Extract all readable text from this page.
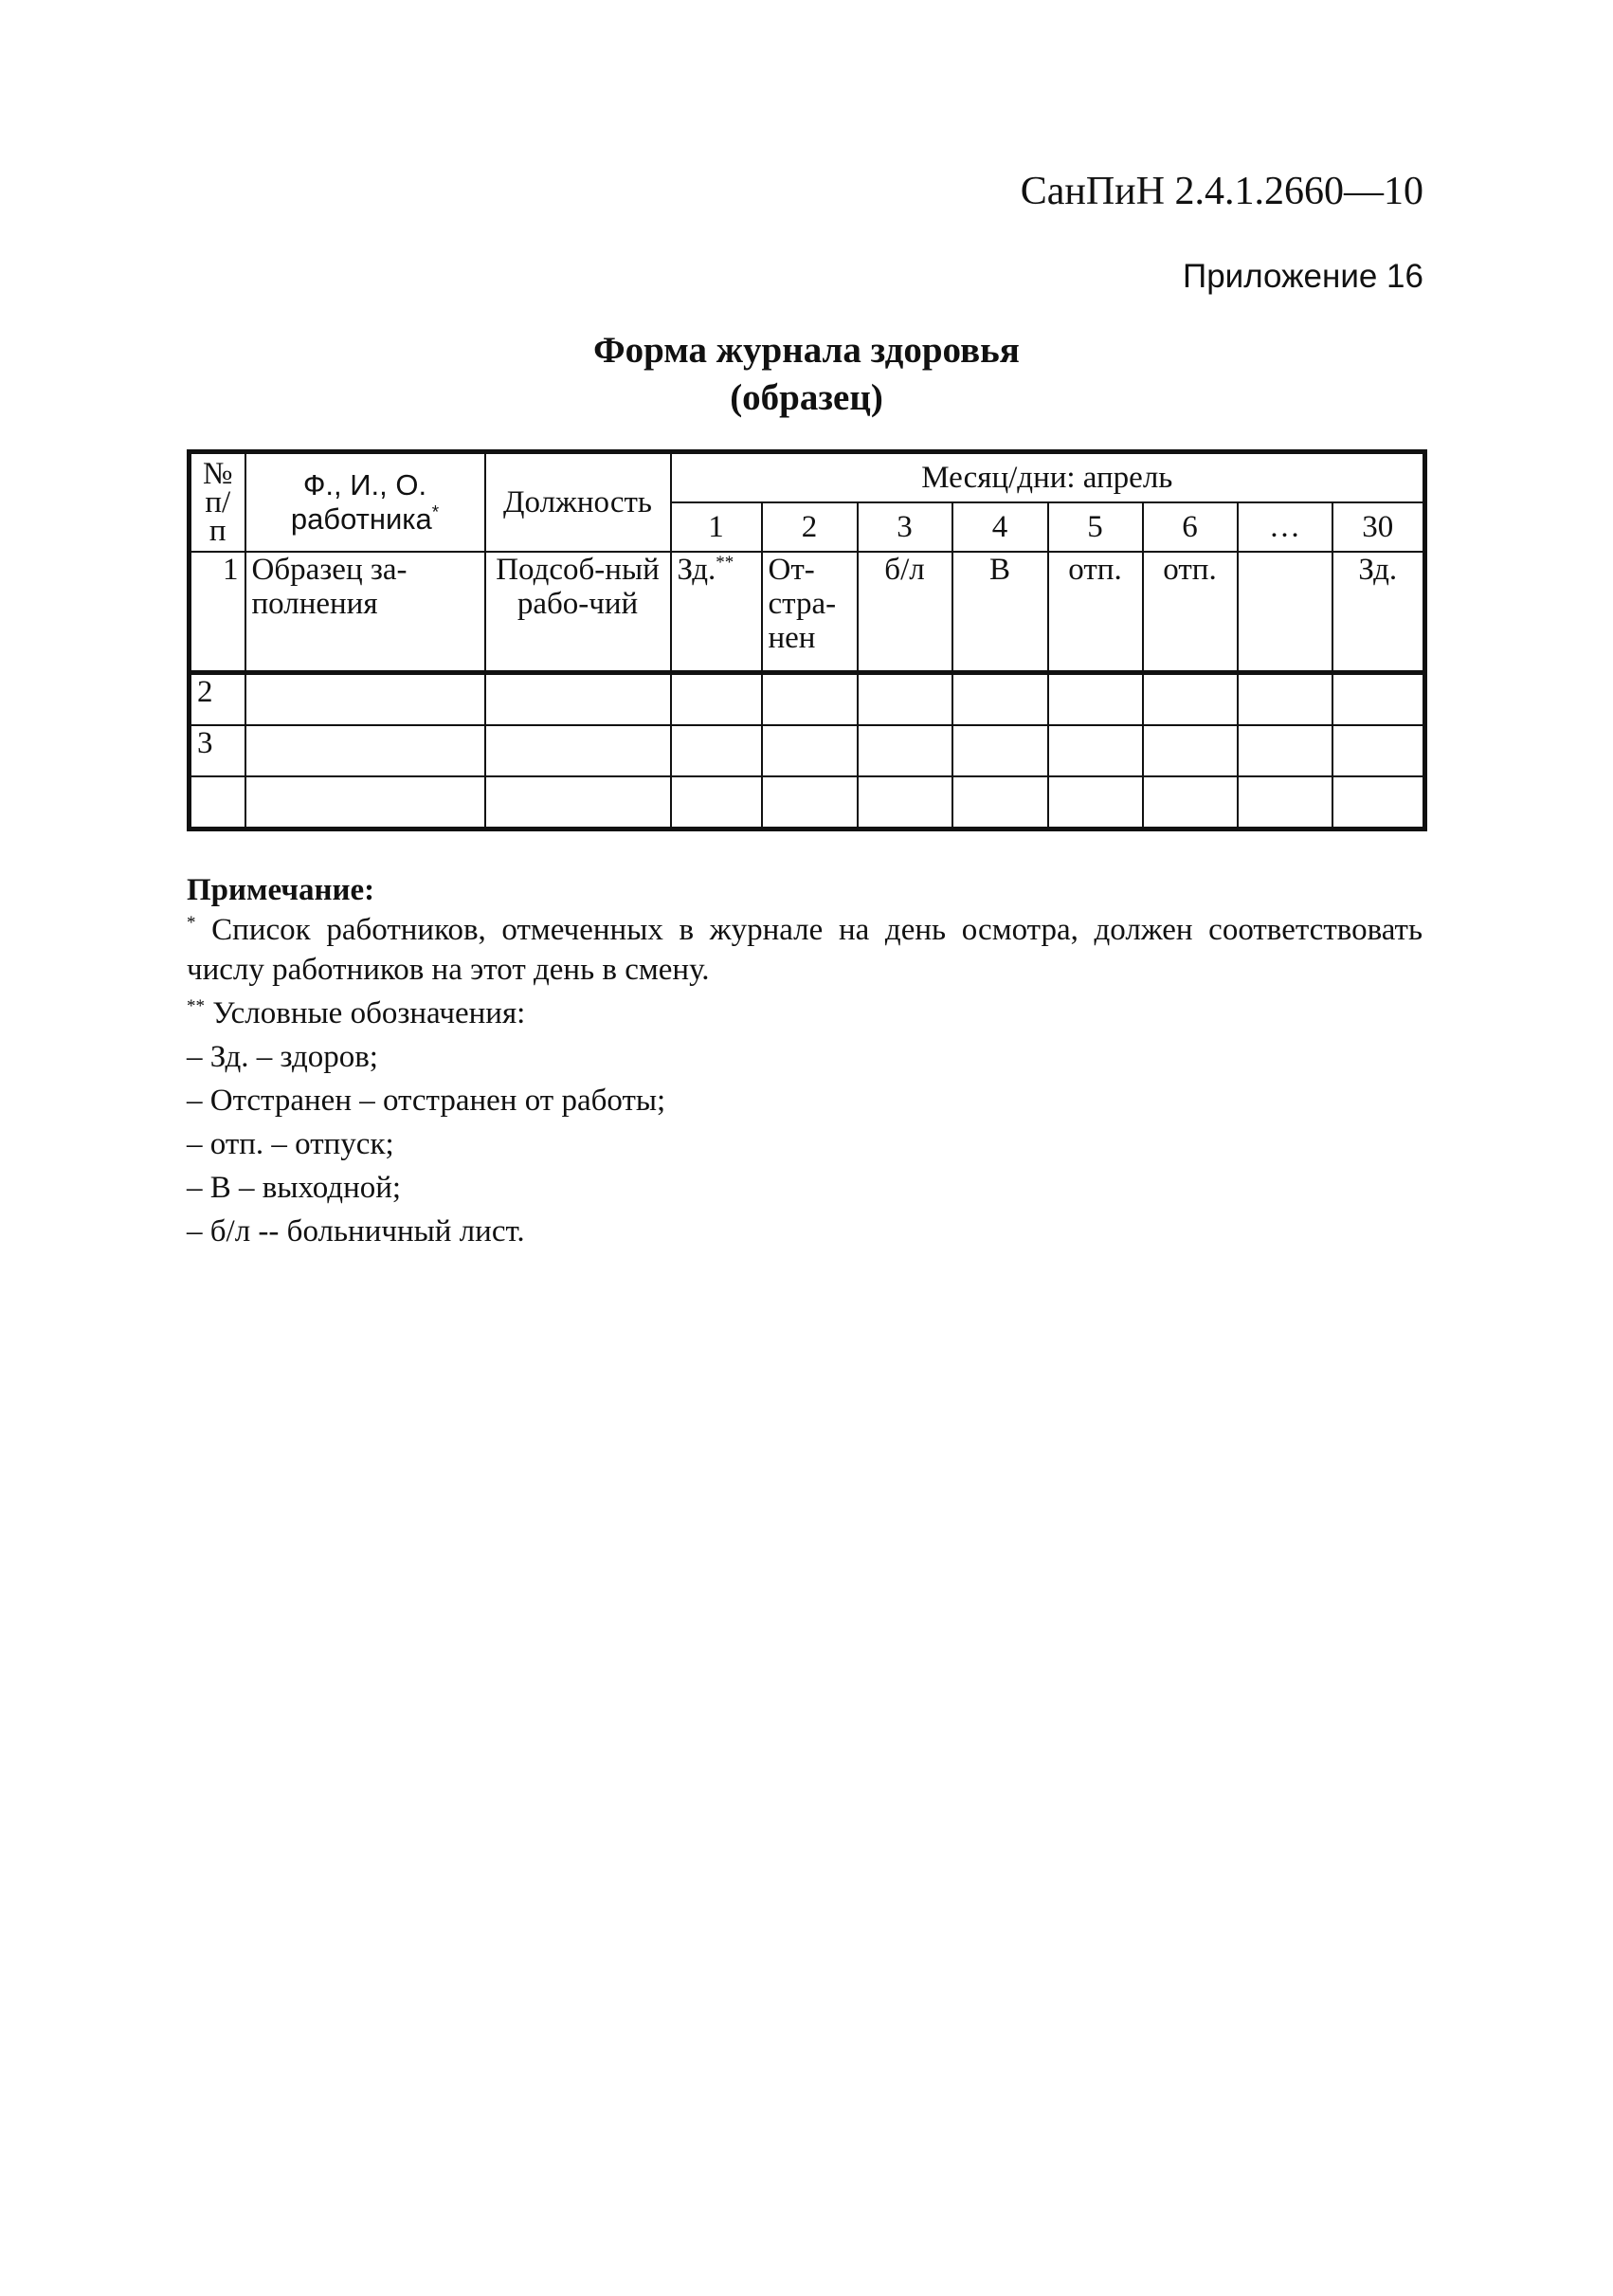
СанПиН 2.4.1.2660—10
Приложение 16
Форма журнала здоровья
(образец)
№ п/п	Ф., И., О. работника*	Должность	Месяц/дни: апрель							
			1	2	3	4	5	6	…	30
1	Образец за-полнения	Подсоб-ный рабо-чий	Зд.**	От-стра-нен	б/л	В	отп.	отп.		Зд.
2										
3										

Примечание:

* Список работников, отмеченных в журнале на день осмотра, должен соответствовать числу работников на этот день в смену.

** Условные обозначения:

– Зд. – здоров;

– Отстранен – отстранен от работы;

– отп. – отпуск;

– В – выходной;

– б/л -- больничный лист.
